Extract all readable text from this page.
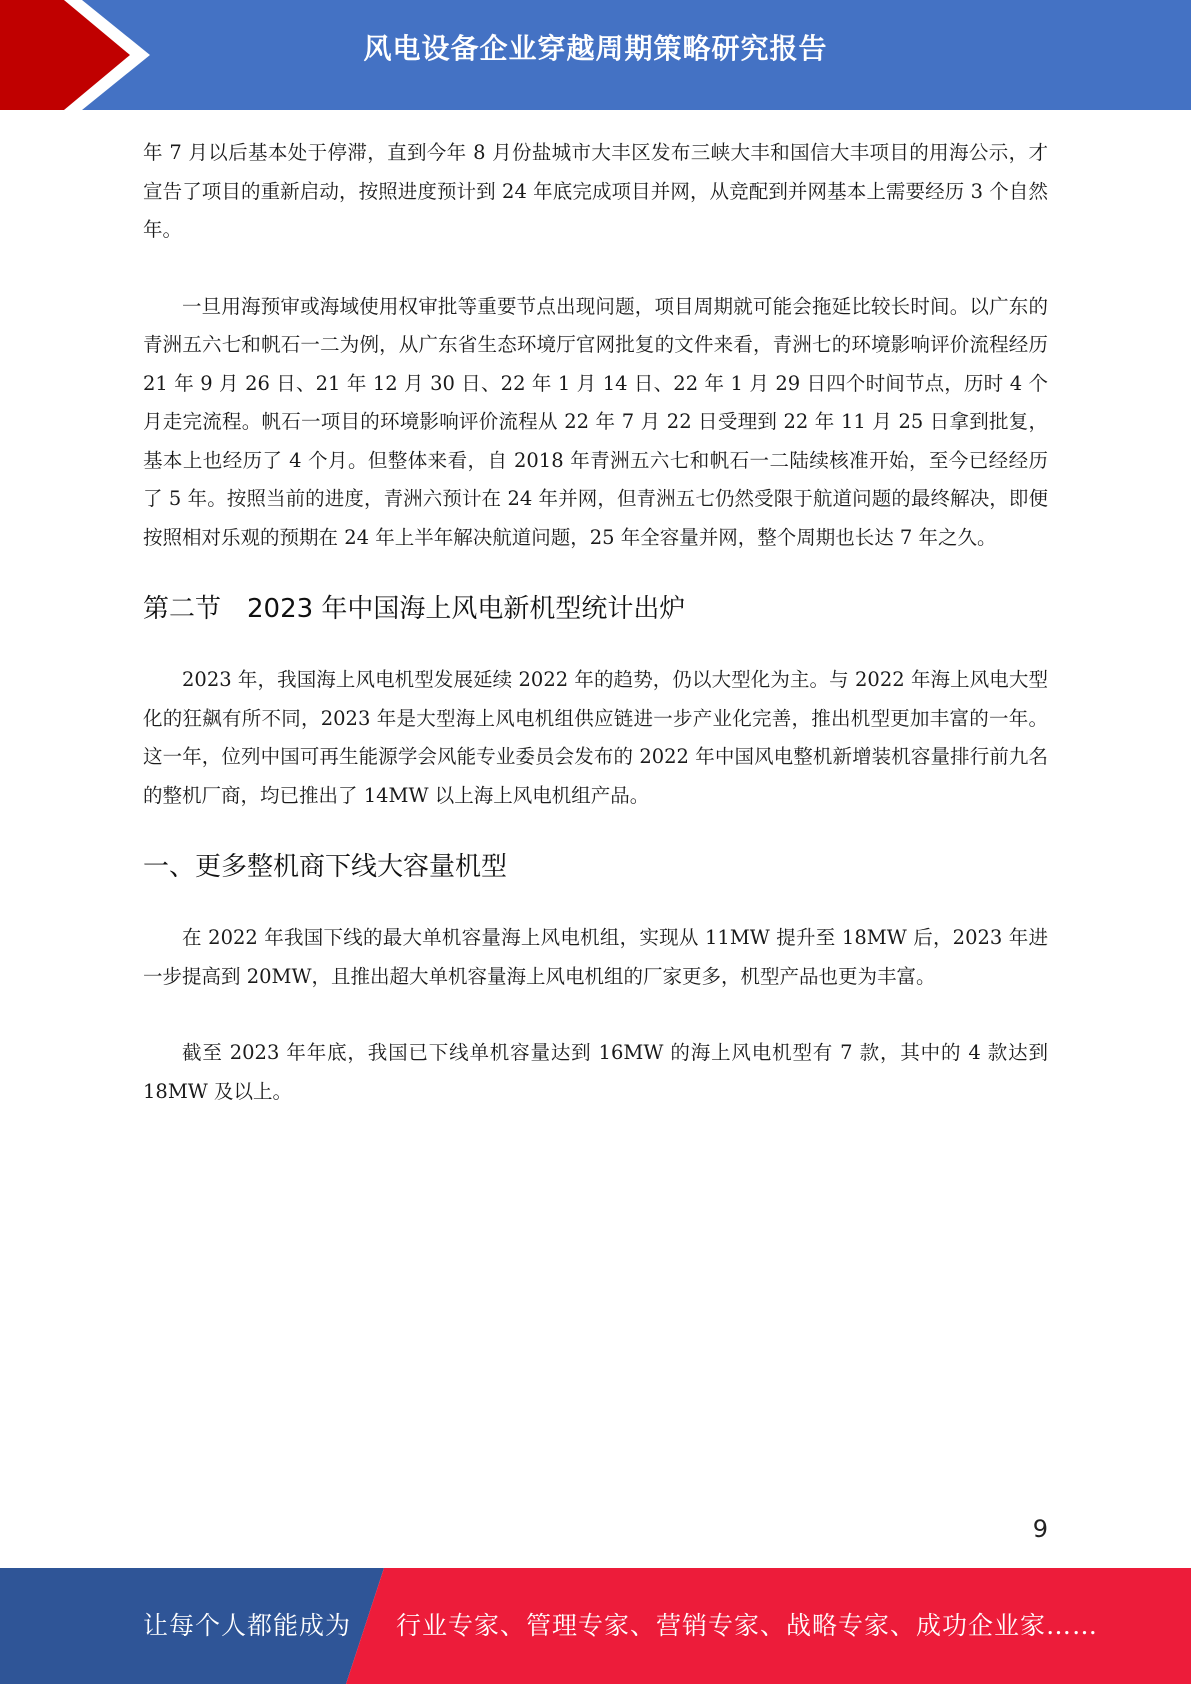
风电设备企业穿越周期策略研究报告

年 7 月以后基本处于停滞，直到今年 8 月份盐城市大丰区发布三峡大丰和国信大丰项目的用海公示，才宣告了项目的重新启动，按照进度预计到 24 年底完成项目并网，从竞配到并网基本上需要经历 3 个自然年。

一旦用海预审或海域使用权审批等重要节点出现问题，项目周期就可能会拖延比较长时间。以广东的青洲五六七和帆石一二为例，从广东省生态环境厅官网批复的文件来看，青洲七的环境影响评价流程经历 21 年 9 月 26 日、21 年 12 月 30 日、22 年 1 月 14 日、22 年 1 月 29 日四个时间节点，历时 4 个月走完流程。帆石一项目的环境影响评价流程从 22 年 7 月 22 日受理到 22 年 11 月 25 日拿到批复，基本上也经历了 4 个月。但整体来看，自 2018 年青洲五六七和帆石一二陆续核准开始，至今已经经历了 5 年。按照当前的进度，青洲六预计在 24 年并网，但青洲五七仍然受限于航道问题的最终解决，即便按照相对乐观的预期在 24 年上半年解决航道问题，25 年全容量并网，整个周期也长达 7 年之久。

第二节　2023 年中国海上风电新机型统计出炉

2023 年，我国海上风电机型发展延续 2022 年的趋势，仍以大型化为主。与 2022 年海上风电大型化的狂飙有所不同，2023 年是大型海上风电机组供应链进一步产业化完善，推出机型更加丰富的一年。这一年，位列中国可再生能源学会风能专业委员会发布的 2022 年中国风电整机新增装机容量排行前九名的整机厂商，均已推出了 14MW 以上海上风电机组产品。

一、更多整机商下线大容量机型

在 2022 年我国下线的最大单机容量海上风电机组，实现从 11MW 提升至 18MW 后，2023 年进一步提高到 20MW，且推出超大单机容量海上风电机组的厂家更多，机型产品也更为丰富。

截至 2023 年年底，我国已下线单机容量达到 16MW 的海上风电机型有 7 款，其中的 4 款达到 18MW 及以上。

9
让每个人都能成为 行业专家、管理专家、营销专家、战略专家、成功企业家……
